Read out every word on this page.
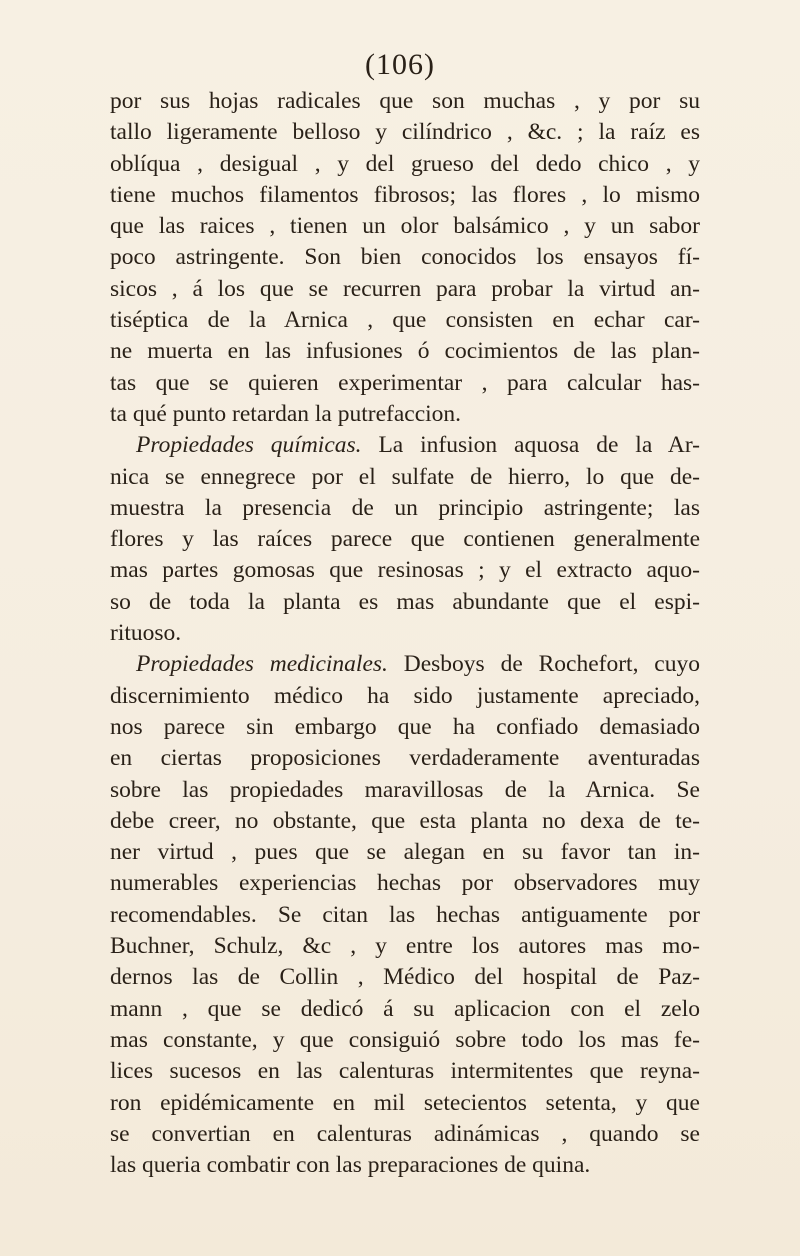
(106)
por sus hojas radicales que son muchas , y por su
tallo ligeramente belloso y cilíndrico , &c. ; la raíz es
oblíqua , desigual , y del grueso del dedo chico , y
tiene muchos filamentos fibrosos; las flores , lo mismo
que las raices , tienen un olor balsámico , y un sabor
poco astringente. Son bien conocidos los ensayos fí-
sicos , á los que se recurren para probar la virtud an-
tiséptica de la Arnica , que consisten en echar car-
ne muerta en las infusiones ó cocimientos de las plan-
tas que se quieren experimentar , para calcular has-
ta qué punto retardan la putrefaccion.
Propiedades químicas. La infusion aquosa de la Ar-
nica se ennegrece por el sulfate de hierro, lo que de-
muestra la presencia de un principio astringente; las
flores y las raíces parece que contienen generalmente
mas partes gomosas que resinosas ; y el extracto aquo-
so de toda la planta es mas abundante que el espi-
rituoso.
Propiedades medicinales. Desboys de Rochefort, cuyo
discernimiento médico ha sido justamente apreciado,
nos parece sin embargo que ha confiado demasiado
en ciertas proposiciones verdaderamente aventuradas
sobre las propiedades maravillosas de la Arnica. Se
debe creer, no obstante, que esta planta no dexa de te-
ner virtud , pues que se alegan en su favor tan in-
numerables experiencias hechas por observadores muy
recomendables. Se citan las hechas antiguamente por
Buchner, Schulz, &c , y entre los autores mas mo-
dernos las de Collin , Médico del hospital de Paz-
mann , que se dedicó á su aplicacion con el zelo
mas constante, y que consiguió sobre todo los mas fe-
lices sucesos en las calenturas intermitentes que reyna-
ron epidémicamente en mil setecientos setenta, y que
se convertian en calenturas adinámicas , quando se
las queria combatir con las preparaciones de quina.
